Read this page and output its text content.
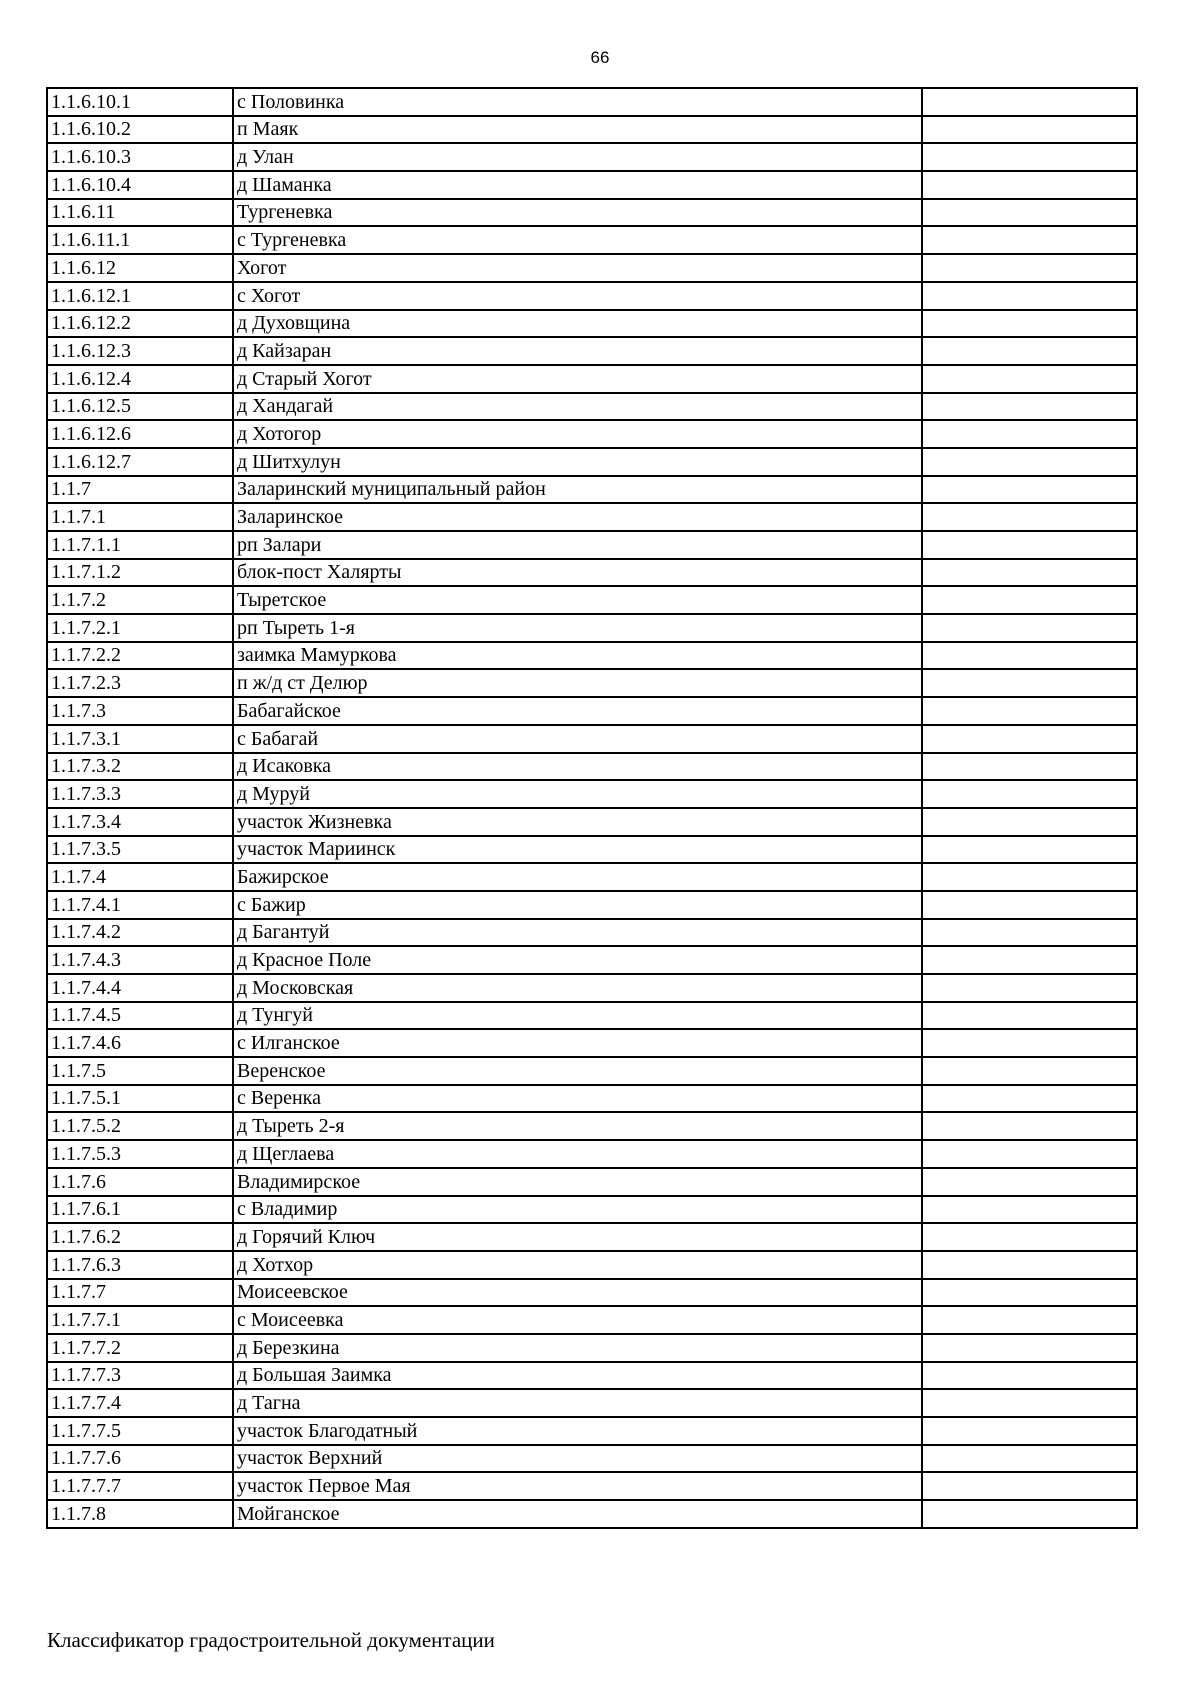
66
1.1.6.10.1	с Половинка	
1.1.6.10.2	п Маяк	
1.1.6.10.3	д Улан	
1.1.6.10.4	д Шаманка	
1.1.6.11	Тургеневка	
1.1.6.11.1	с Тургеневка	
1.1.6.12	Хогот	
1.1.6.12.1	с Хогот	
1.1.6.12.2	д Духовщина	
1.1.6.12.3	д Кайзаран	
1.1.6.12.4	д Старый Хогот	
1.1.6.12.5	д Хандагай	
1.1.6.12.6	д Хотогор	
1.1.6.12.7	д Шитхулун	
1.1.7	Заларинский муниципальный район	
1.1.7.1	Заларинское	
1.1.7.1.1	рп Залари	
1.1.7.1.2	блок-пост Халярты	
1.1.7.2	Тыретское	
1.1.7.2.1	рп Тыреть 1-я	
1.1.7.2.2	заимка Мамуркова	
1.1.7.2.3	п ж/д ст Делюр	
1.1.7.3	Бабагайское	
1.1.7.3.1	с Бабагай	
1.1.7.3.2	д Исаковка	
1.1.7.3.3	д Муруй	
1.1.7.3.4	участок Жизневка	
1.1.7.3.5	участок Мариинск	
1.1.7.4	Бажирское	
1.1.7.4.1	с Бажир	
1.1.7.4.2	д Багантуй	
1.1.7.4.3	д Красное Поле	
1.1.7.4.4	д Московская	
1.1.7.4.5	д Тунгуй	
1.1.7.4.6	с Илганское	
1.1.7.5	Веренское	
1.1.7.5.1	с Веренка	
1.1.7.5.2	д Тыреть 2-я	
1.1.7.5.3	д Щеглаева	
1.1.7.6	Владимирское	
1.1.7.6.1	с Владимир	
1.1.7.6.2	д Горячий Ключ	
1.1.7.6.3	д Хотхор	
1.1.7.7	Моисеевское	
1.1.7.7.1	с Моисеевка	
1.1.7.7.2	д Березкина	
1.1.7.7.3	д Большая Заимка	
1.1.7.7.4	д Тагна	
1.1.7.7.5	участок Благодатный	
1.1.7.7.6	участок Верхний	
1.1.7.7.7	участок Первое Мая	
1.1.7.8	Мойганское	
Классификатор градостроительной документации
